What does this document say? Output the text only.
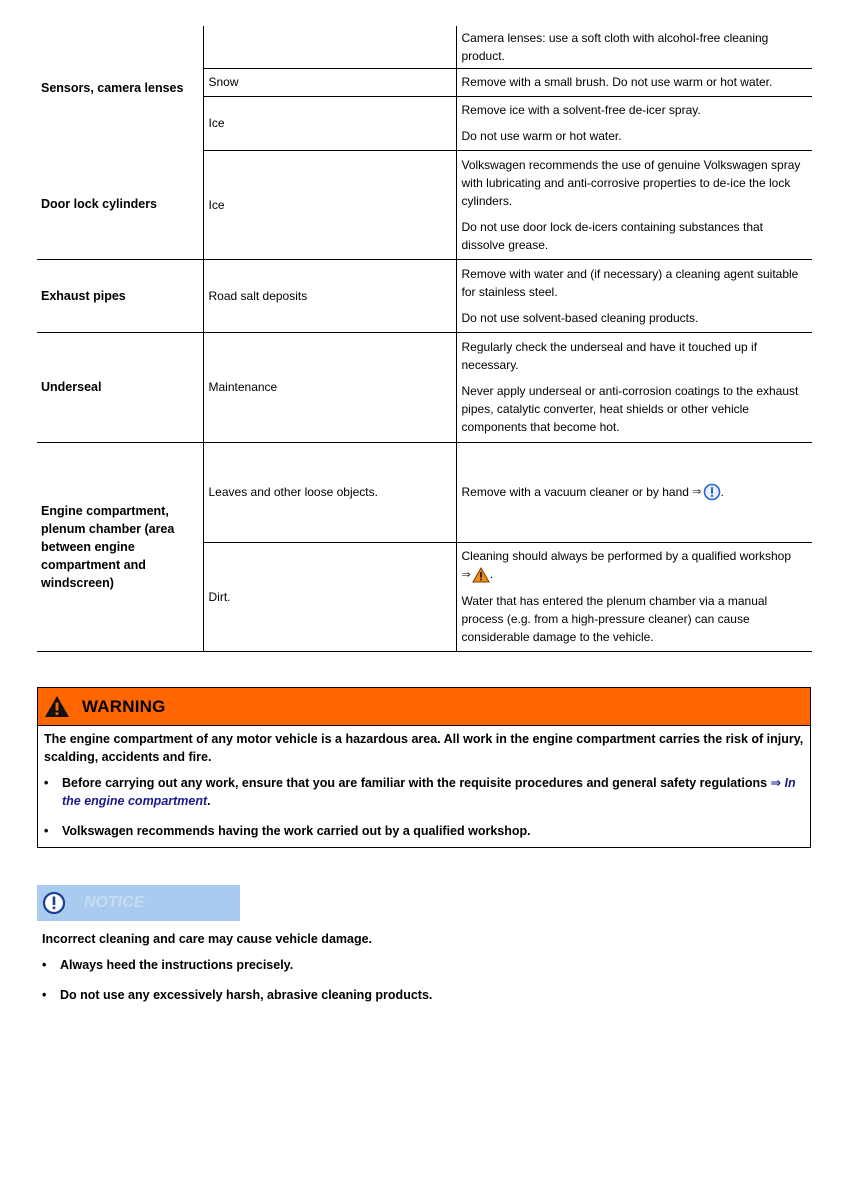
Sensors, camera lenses		Camera lenses: use a soft cloth with alcohol-free cleaning product.
	Snow	Remove with a small brush. Do not use warm or hot water.
	Ice	Remove ice with a solvent-free de-icer spray.
Do not use warm or hot water.

Door lock cylinders	Ice	Volkswagen recommends the use of genuine Volkswagen spray with lubricating and anti-corrosive properties to de-ice the lock cylinders.
Do not use door lock de-icers containing substances that dissolve grease.

Exhaust pipes	Road salt deposits	Remove with water and (if necessary) a cleaning agent suitable for stainless steel.
Do not use solvent-based cleaning products.

Underseal	Maintenance	Regularly check the underseal and have it touched up if necessary.
Never apply underseal or anti-corrosion coatings to the exhaust pipes, catalytic converter, heat shields or other vehicle components that become hot.

Engine compartment, plenum chamber (area between engine compartment and windscreen)	Leaves and other loose objects.	Remove with a vacuum cleaner or by hand ⇒ .
	Dirt.	Cleaning should always be performed by a qualified workshop
⇒ .
Water that has entered the plenum chamber via a manual process (e.g. from a high-pressure cleaner) can cause considerable damage to the vehicle.
WARNING
The engine compartment of any motor vehicle is a hazardous area. All work in the engine compartment carries the risk of injury, scalding, accidents and fire.
•	Before carrying out any work, ensure that you are familiar with the requisite procedures and general safety regulations ⇒ In the engine compartment.
•	Volkswagen recommends having the work carried out by a qualified workshop.
NOTICE
Incorrect cleaning and care may cause vehicle damage.
•	Always heed the instructions precisely.
•	Do not use any excessively harsh, abrasive cleaning products.
